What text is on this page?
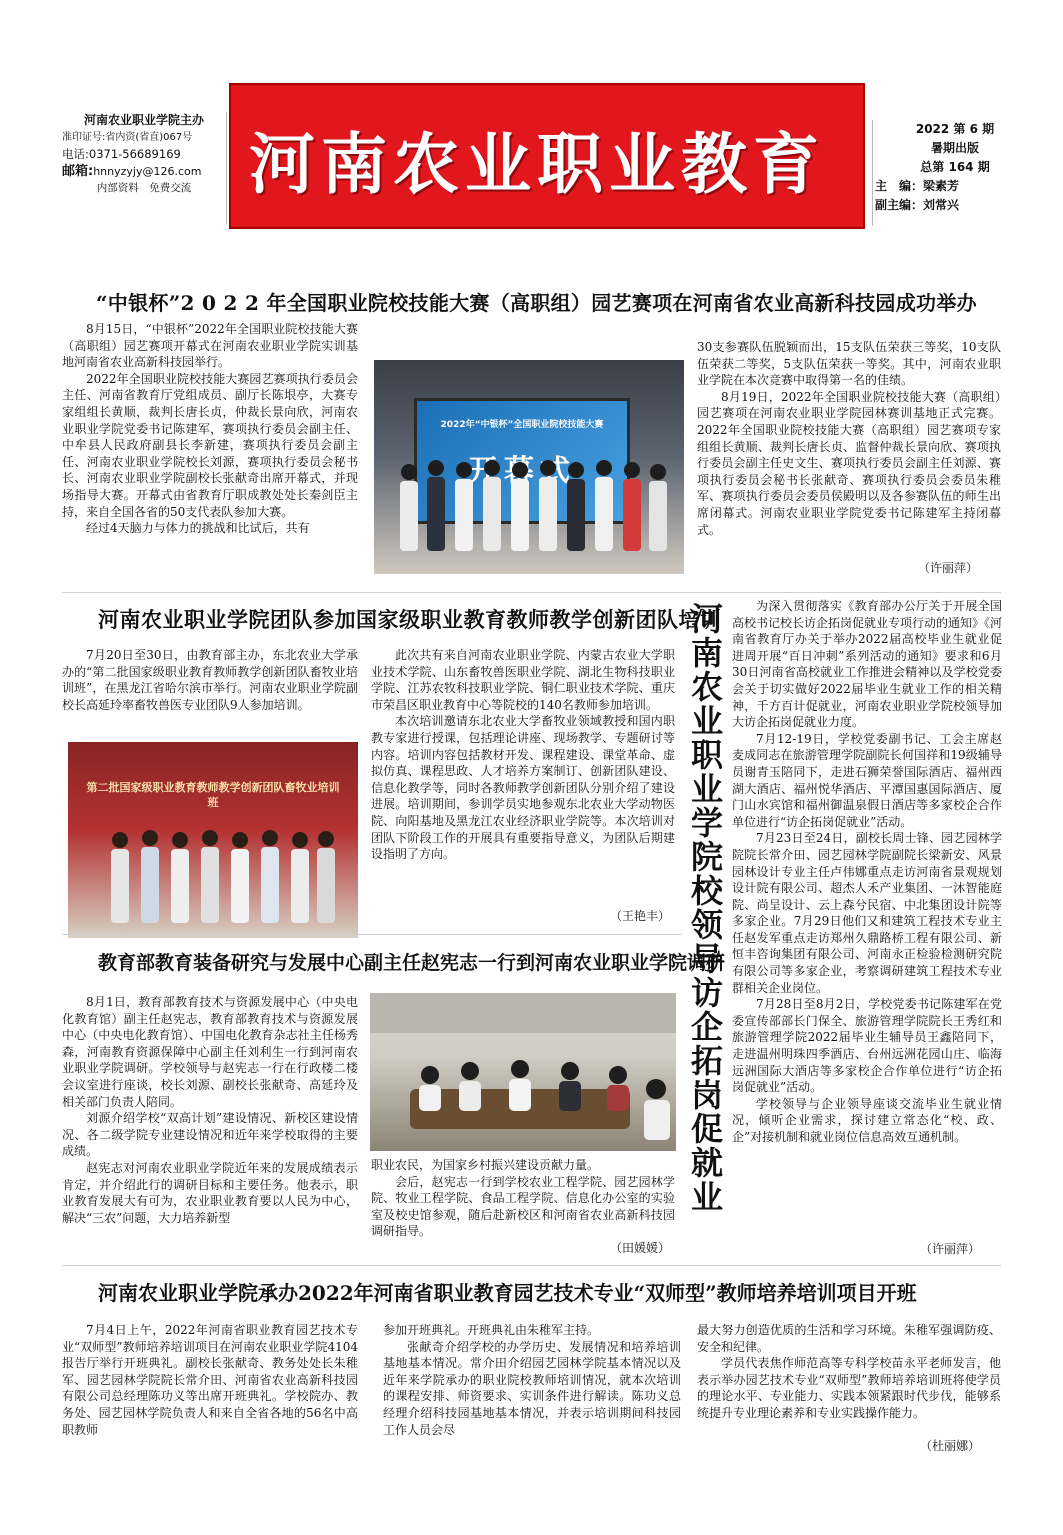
河南农业职业学院主办
准印证号:省内资(省直)067号
电话:0371-56689169
邮箱:hnnyzyjy@126.com
内部资料　免费交流 河南农业职业教育	2022 第 6 期
暑期出版
总第 164 期
主　编：梁素芳
副主编：刘常兴
“中银杯”2 0 2 2 年全国职业院校技能大赛（高职组）园艺赛项在河南省农业高新科技园成功举办

8月15日，“中银杯”2022年全国职业院校技能大赛（高职组）园艺赛项开幕式在河南农业职业学院实训基地河南省农业高新科技园举行。

2022年全国职业院校技能大赛园艺赛项执行委员会主任、河南省教育厅党组成员、副厅长陈垠亭，大赛专家组组长黄顺，裁判长唐长贞，仲裁长景向欣，河南农业职业学院党委书记陈建军，赛项执行委员会副主任、中牟县人民政府副县长李新建，赛项执行委员会副主任、河南农业职业学院校长刘源，赛项执行委员会秘书长、河南农业职业学院副校长张献奇出席开幕式，并现场指导大赛。开幕式由省教育厅职成教处处长秦剑臣主持，来自全国各省的50支代表队参加大赛。

经过4天脑力与体力的挑战和比试后，共有

2022年“中银杯”全国职业院校技能大赛

30支参赛队伍脱颖而出，15支队伍荣获三等奖，10支队伍荣获二等奖，5支队伍荣获一等奖。其中，河南农业职业学院在本次竞赛中取得第一名的佳绩。

8月19日，2022年全国职业院校技能大赛（高职组）园艺赛项在河南农业职业学院园林赛训基地正式完赛。2022年全国职业院校技能大赛（高职组）园艺赛项专家组组长黄顺、裁判长唐长贞、监督仲裁长景向欣、赛项执行委员会副主任史文生、赛项执行委员会副主任刘源、赛项执行委员会秘书长张献奇、赛项执行委员会委员朱稚军、赛项执行委员会委员侯殿明以及各参赛队伍的师生出席闭幕式。河南农业职业学院党委书记陈建军主持闭幕式。

（许丽萍）
河南农业职业学院团队参加国家级职业教育教师教学创新团队培训

7月20日至30日，由教育部主办，东北农业大学承办的“第二批国家级职业教育教师教学创新团队畜牧业培训班”，在黑龙江省哈尔滨市举行。河南农业职业学院副校长高延玲率畜牧兽医专业团队9人参加培训。

第二批国家级职业教育教师教学创新团队畜牧业培训班

此次共有来自河南农业职业学院、内蒙古农业大学职业技术学院、山东畜牧兽医职业学院、湖北生物科技职业学院、江苏农牧科技职业学院、铜仁职业技术学院、重庆市荣昌区职业教育中心等院校的140名教师参加培训。

本次培训邀请东北农业大学畜牧业领域教授和国内职教专家进行授课，包括理论讲座、现场教学、专题研讨等内容。培训内容包括教材开发、课程建设、课堂革命、虚拟仿真、课程思政、人才培养方案制订、创新团队建设、信息化教学等，同时各教师教学创新团队分别介绍了建设进展。培训期间，参训学员实地参观东北农业大学动物医院、向阳基地及黑龙江农业经济职业学院等。本次培训对团队下阶段工作的开展具有重要指导意义，为团队后期建设指明了方向。

（王艳丰）
教育部教育装备研究与发展中心副主任赵宪志一行到河南农业职业学院调研

8月1日，教育部教育技术与资源发展中心（中央电化教育馆）副主任赵宪志，教育部教育技术与资源发展中心（中央电化教育馆）、中国电化教育杂志社主任杨秀森，河南教育资源保障中心副主任刘利生一行到河南农业职业学院调研。学校领导与赵宪志一行在行政楼二楼会议室进行座谈，校长刘源、副校长张献奇、高延玲及相关部门负责人陪同。

刘源介绍学校“双高计划”建设情况、新校区建设情况、各二级学院专业建设情况和近年来学校取得的主要成绩。

赵宪志对河南农业职业学院近年来的发展成绩表示肯定，并介绍此行的调研目标和主要任务。他表示，职业教育发展大有可为，农业职业教育要以人民为中心，解决“三农”问题，大力培养新型

职业农民，为国家乡村振兴建设贡献力量。

会后，赵宪志一行到学校农业工程学院、园艺园林学院、牧业工程学院、食品工程学院、信息化办公室的实验室及校史馆参观，随后赴新校区和河南省农业高新科技园调研指导。

（田媛媛）
河南农业职业学院校领导访企拓岗促就业	为深入贯彻落实《教育部办公厅关于开展全国高校书记校长访企拓岗促就业专项行动的通知》《河南省教育厅办关于举办2022届高校毕业生就业促进周开展“百日冲刺”系列活动的通知》要求和6月30日河南省高校就业工作推进会精神以及学校党委会关于切实做好2022届毕业生就业工作的相关精神，千方百计促就业，河南农业职业学院校领导加大访企拓岗促就业力度。

7月12-19日，学校党委副书记、工会主席赵麦成同志在旅游管理学院副院长何国祥和19级辅导员谢青玉陪同下，走进石狮荣誉国际酒店、福州西湖大酒店、福州悦华酒店、平潭国惠国际酒店、厦门山水宾馆和福州御温泉假日酒店等多家校企合作单位进行“访企拓岗促就业”活动。

7月23日至24日，副校长周士锋、园艺园林学院院长常介田、园艺园林学院副院长梁新安、风景园林设计专业主任卢伟娜重点走访河南省景观规划设计院有限公司、超杰人禾产业集团、一沐智能庭院、尚呈设计、云上森兮民宿、中北集团设计院等多家企业。7月29日他们又和建筑工程技术专业主任赵发军重点走访郑州久鼎路桥工程有限公司、新恒丰咨询集团有限公司、河南永正检验检测研究院有限公司等多家企业，考察调研建筑工程技术专业群相关企业岗位。

7月28日至8月2日，学校党委书记陈建军在党委宣传部部长门保全、旅游管理学院院长王秀红和旅游管理学院2022届毕业生辅导员王鑫陪同下，走进温州明珠四季酒店、台州远洲花园山庄、临海远洲国际大酒店等多家校企合作单位进行“访企拓岗促就业”活动。

学校领导与企业领导座谈交流毕业生就业情况，倾听企业需求，探讨建立常态化“校、政、企”对接机制和就业岗位信息高效互通机制。

（许丽萍）
河南农业职业学院承办2022年河南省职业教育园艺技术专业“双师型”教师培养培训项目开班

7月4日上午，2022年河南省职业教育园艺技术专业“双师型”教师培养培训项目在河南农业职业学院4104报告厅举行开班典礼。副校长张献奇、教务处处长朱稚军、园艺园林学院院长常介田、河南省农业高新科技园有限公司总经理陈功义等出席开班典礼。学校院办、教务处、园艺园林学院负责人和来自全省各地的56名中高职教师

参加开班典礼。开班典礼由朱稚军主持。

张献奇介绍学校的办学历史、发展情况和培养培训基地基本情况。常介田介绍园艺园林学院基本情况以及近年来学院承办的职业院校教师培训情况，就本次培训的课程安排、师资要求、实训条件进行解读。陈功义总经理介绍科技园基地基本情况，并表示培训期间科技园工作人员会尽

最大努力创造优质的生活和学习环境。朱稚军强调防疫、安全和纪律。

学员代表焦作师范高等专科学校苗永平老师发言，他表示举办园艺技术专业“双师型”教师培养培训班将使学员的理论水平、专业能力、实践本领紧跟时代步伐，能够系统提升专业理论素养和专业实践操作能力。

（杜丽娜）
